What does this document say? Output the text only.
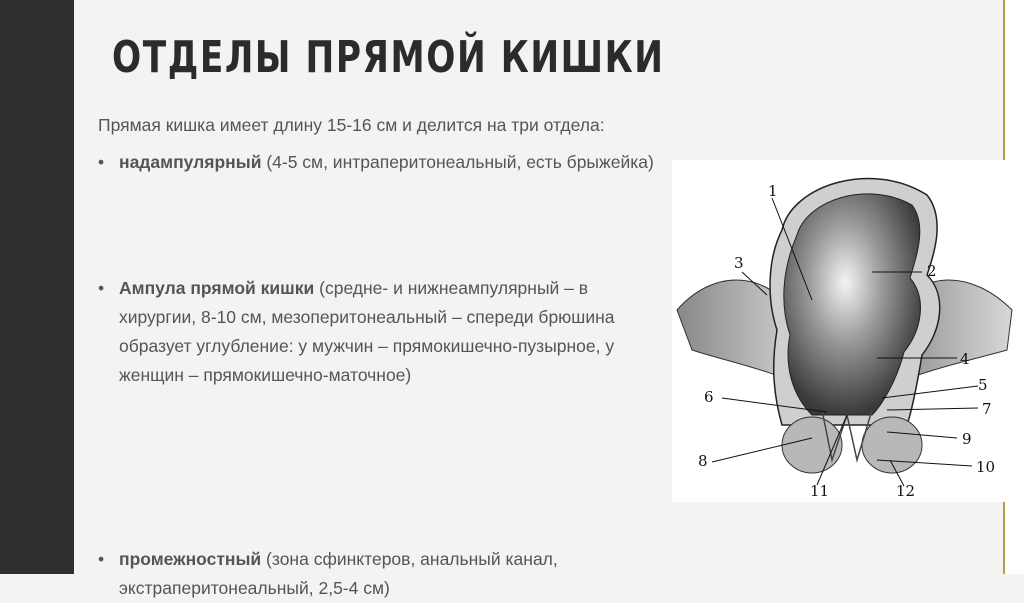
ОТДЕЛЫ ПРЯМОЙ КИШКИ
Прямая кишка имеет длину 15-16 см и делится на три отдела:
• надампулярный (4-5 см, интраперитонеальный, есть брыжейка)
• Ампула прямой кишки (средне- и нижнеампулярный – в хирургии, 8-10 см, мезоперитонеальный – спереди брюшина образует углубление: у мужчин – прямокишечно-пузырное, у женщин – прямокишечно-маточное)
• промежностный (зона сфинктеров, анальный канал, экстраперитонеальный, 2,5-4 см)
1
2
3
4
5
6
7
8
9
10
11	12
